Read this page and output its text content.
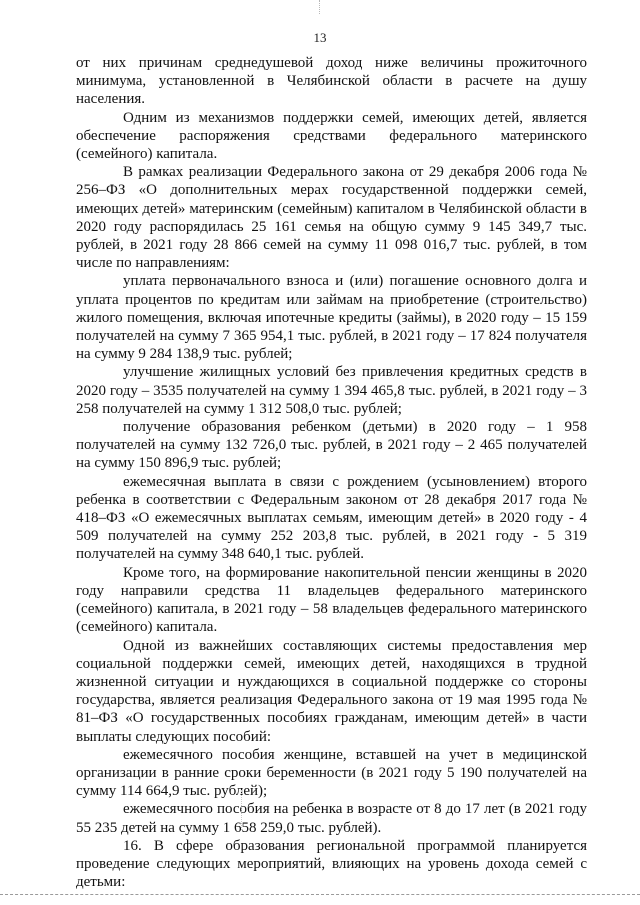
13

от них причинам среднедушевой доход ниже величины прожиточного минимума, установленной в Челябинской области в расчете на душу населения.

Одним из механизмов поддержки семей, имеющих детей, является обеспечение распоряжения средствами федерального материнского (семейного) капитала.

В рамках реализации Федерального закона от 29 декабря 2006 года № 256–ФЗ «О дополнительных мерах государственной поддержки семей, имеющих детей» материнским (семейным) капиталом в Челябинской области в 2020 году распорядилась 25 161 семья на общую сумму 9 145 349,7 тыс. рублей, в 2021 году 28 866 семей на сумму 11 098 016,7 тыс. рублей, в том числе по направлениям:

уплата первоначального взноса и (или) погашение основного долга и уплата процентов по кредитам или займам на приобретение (строительство) жилого помещения, включая ипотечные кредиты (займы), в 2020 году – 15 159 получателей на сумму 7 365 954,1 тыс. рублей, в 2021 году – 17 824 получателя на сумму 9 284 138,9 тыс. рублей;

улучшение жилищных условий без привлечения кредитных средств в 2020 году – 3535 получателей на сумму 1 394 465,8 тыс. рублей, в 2021 году – 3 258 получателей на сумму 1 312 508,0 тыс. рублей;

получение образования ребенком (детьми) в 2020 году – 1 958 получателей на сумму 132 726,0 тыс. рублей, в 2021 году – 2 465 получателей на сумму 150 896,9 тыс. рублей;

ежемесячная выплата в связи с рождением (усыновлением) второго ребенка в соответствии с Федеральным законом от 28 декабря 2017 года № 418–ФЗ «О ежемесячных выплатах семьям, имеющим детей» в 2020 году - 4 509 получателей на сумму 252 203,8 тыс. рублей, в 2021 году - 5 319 получателей на сумму 348 640,1 тыс. рублей.

Кроме того, на формирование накопительной пенсии женщины в 2020 году направили средства 11 владельцев федерального материнского (семейного) капитала, в 2021 году – 58 владельцев федерального материнского (семейного) капитала.

Одной из важнейших составляющих системы предоставления мер социальной поддержки семей, имеющих детей, находящихся в трудной жизненной ситуации и нуждающихся в социальной поддержке со стороны государства, является реализация Федерального закона от 19 мая 1995 года № 81–ФЗ «О государственных пособиях гражданам, имеющим детей» в части выплаты следующих пособий:

ежемесячного пособия женщине, вставшей на учет в медицинской организации в ранние сроки беременности (в 2021 году 5 190 получателей на сумму 114 664,9 тыс. рублей);

ежемесячного пособия на ребенка в возрасте от 8 до 17 лет (в 2021 году 55 235 детей на сумму 1 658 259,0 тыс. рублей).

16. В сфере образования региональной программой планируется проведение следующих мероприятий, влияющих на уровень дохода семей с детьми:
